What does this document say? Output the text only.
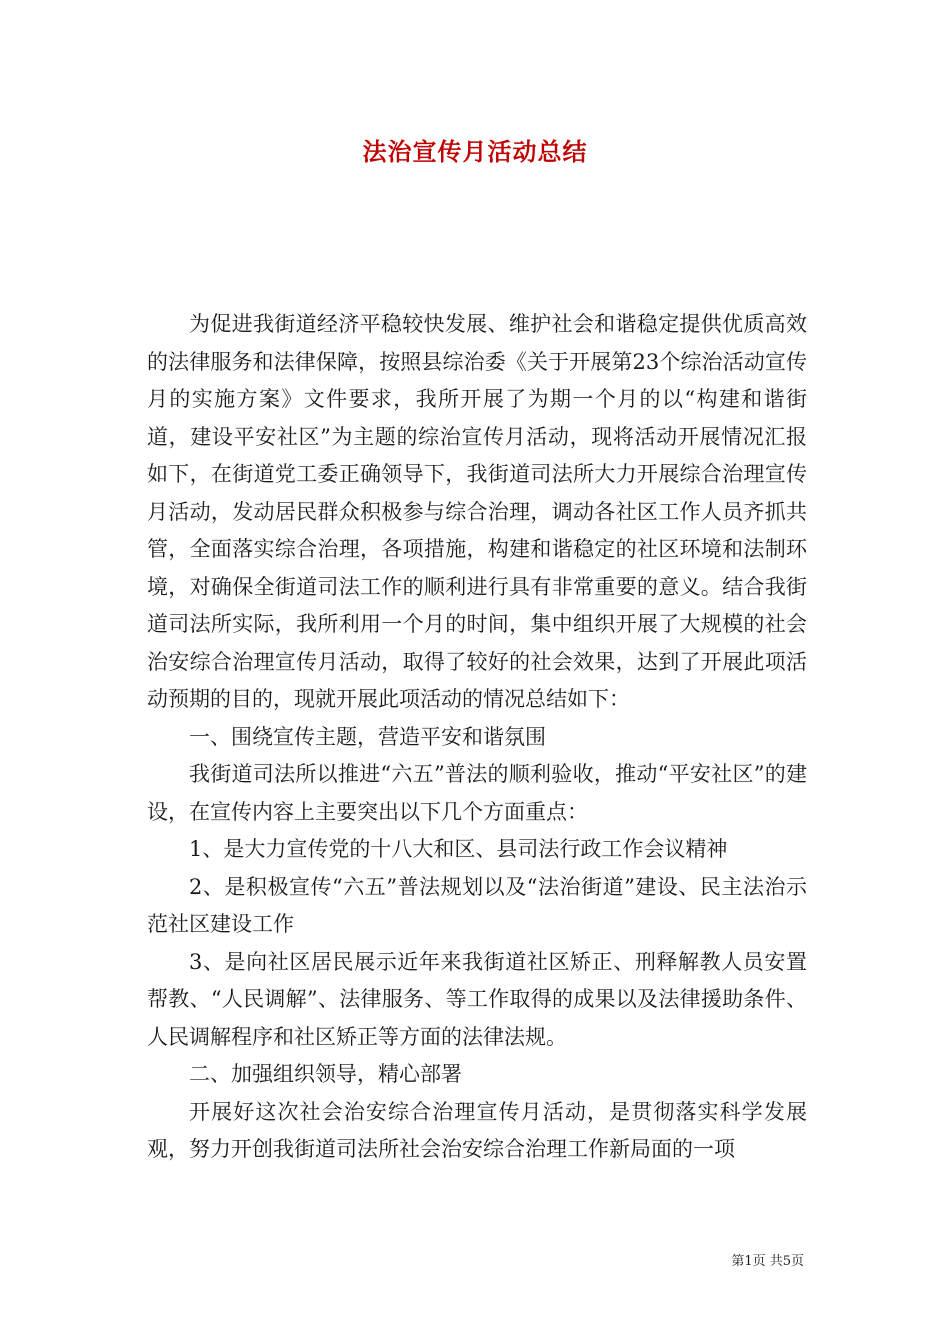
法治宣传月活动总结

为促进我街道经济平稳较快发展、维护社会和谐稳定提供优质高效的法律服务和法律保障，按照县综治委《关于开展第23个综治活动宣传月的实施方案》文件要求，我所开展了为期一个月的以“构建和谐街道，建设平安社区”为主题的综治宣传月活动，现将活动开展情况汇报如下，在街道党工委正确领导下，我街道司法所大力开展综合治理宣传月活动，发动居民群众积极参与综合治理，调动各社区工作人员齐抓共管，全面落实综合治理，各项措施，构建和谐稳定的社区环境和法制环境，对确保全街道司法工作的顺利进行具有非常重要的意义。结合我街道司法所实际，我所利用一个月的时间，集中组织开展了大规模的社会治安综合治理宣传月活动，取得了较好的社会效果，达到了开展此项活动预期的目的，现就开展此项活动的情况总结如下：

一、围绕宣传主题，营造平安和谐氛围

我街道司法所以推进“六五”普法的顺利验收，推动“平安社区”的建设，在宣传内容上主要突出以下几个方面重点：

1、是大力宣传党的十八大和区、县司法行政工作会议精神

2、是积极宣传“六五”普法规划以及“法治街道”建设、民主法治示范社区建设工作

3、是向社区居民展示近年来我街道社区矫正、刑释解教人员安置帮教、“人民调解”、法律服务、等工作取得的成果以及法律援助条件、人民调解程序和社区矫正等方面的法律法规。

二、加强组织领导，精心部署

开展好这次社会治安综合治理宣传月活动，是贯彻落实科学发展观，努力开创我街道司法所社会治安综合治理工作新局面的一项

第1页 共5页
